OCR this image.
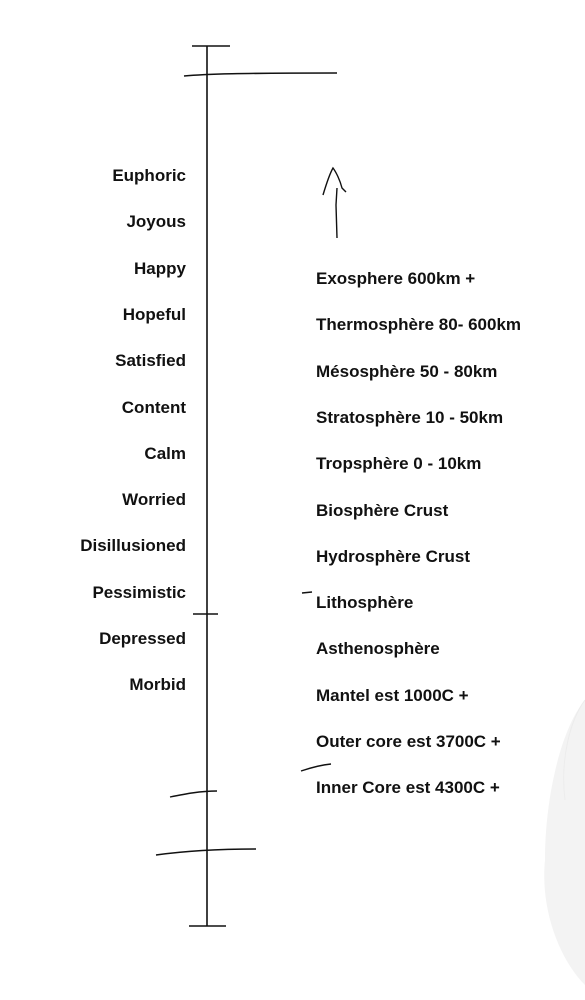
Euphoric
Joyous
Happy
Hopeful
Satisfied
Content
Calm
Worried
Disillusioned
Pessimistic
Depressed
Morbid
Exosphere 600km +
Thermosphère 80- 600km
Mésosphère 50 - 80km
Stratosphère 10 - 50km
Tropsphère 0 - 10km
Biosphère Crust
Hydrosphère Crust
Lithosphère
Asthenosphère
Mantel est 1000C +
Outer core est 3700C +
Inner Core est 4300C +
